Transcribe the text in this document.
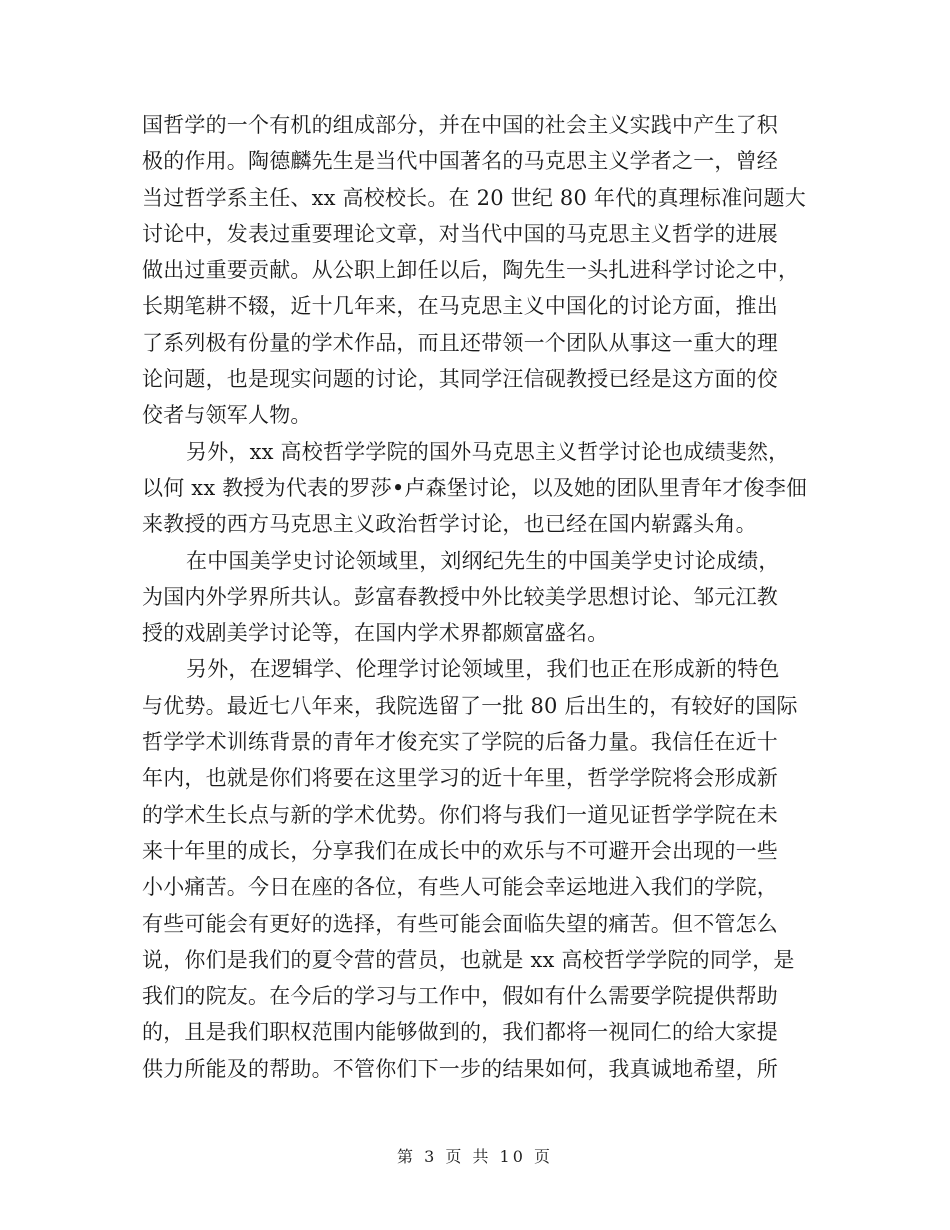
国哲学的一个有机的组成部分，并在中国的社会主义实践中产生了积
极的作用。陶德麟先生是当代中国著名的马克思主义学者之一，曾经
当过哲学系主任、xx 高校校长。在 20 世纪 80 年代的真理标准问题大
讨论中，发表过重要理论文章，对当代中国的马克思主义哲学的进展
做出过重要贡献。从公职上卸任以后，陶先生一头扎进科学讨论之中，
长期笔耕不辍，近十几年来，在马克思主义中国化的讨论方面，推出
了系列极有份量的学术作品，而且还带领一个团队从事这一重大的理
论问题，也是现实问题的讨论，其同学汪信砚教授已经是这方面的佼
佼者与领军人物。
另外，xx 高校哲学学院的国外马克思主义哲学讨论也成绩斐然，
以何 xx 教授为代表的罗莎•卢森堡讨论，以及她的团队里青年才俊李佃
来教授的西方马克思主义政治哲学讨论，也已经在国内崭露头角。
在中国美学史讨论领域里，刘纲纪先生的中国美学史讨论成绩，
为国内外学界所共认。彭富春教授中外比较美学思想讨论、邹元江教
授的戏剧美学讨论等，在国内学术界都颇富盛名。
另外，在逻辑学、伦理学讨论领域里，我们也正在形成新的特色
与优势。最近七八年来，我院选留了一批 80 后出生的，有较好的国际
哲学学术训练背景的青年才俊充实了学院的后备力量。我信任在近十
年内，也就是你们将要在这里学习的近十年里，哲学学院将会形成新
的学术生长点与新的学术优势。你们将与我们一道见证哲学学院在未
来十年里的成长，分享我们在成长中的欢乐与不可避开会出现的一些
小小痛苦。今日在座的各位，有些人可能会幸运地进入我们的学院，
有些可能会有更好的选择，有些可能会面临失望的痛苦。但不管怎么
说，你们是我们的夏令营的营员，也就是 xx 高校哲学学院的同学，是
我们的院友。在今后的学习与工作中，假如有什么需要学院提供帮助
的，且是我们职权范围内能够做到的，我们都将一视同仁的给大家提
供力所能及的帮助。不管你们下一步的结果如何，我真诚地希望，所
第 3 页 共 10 页
